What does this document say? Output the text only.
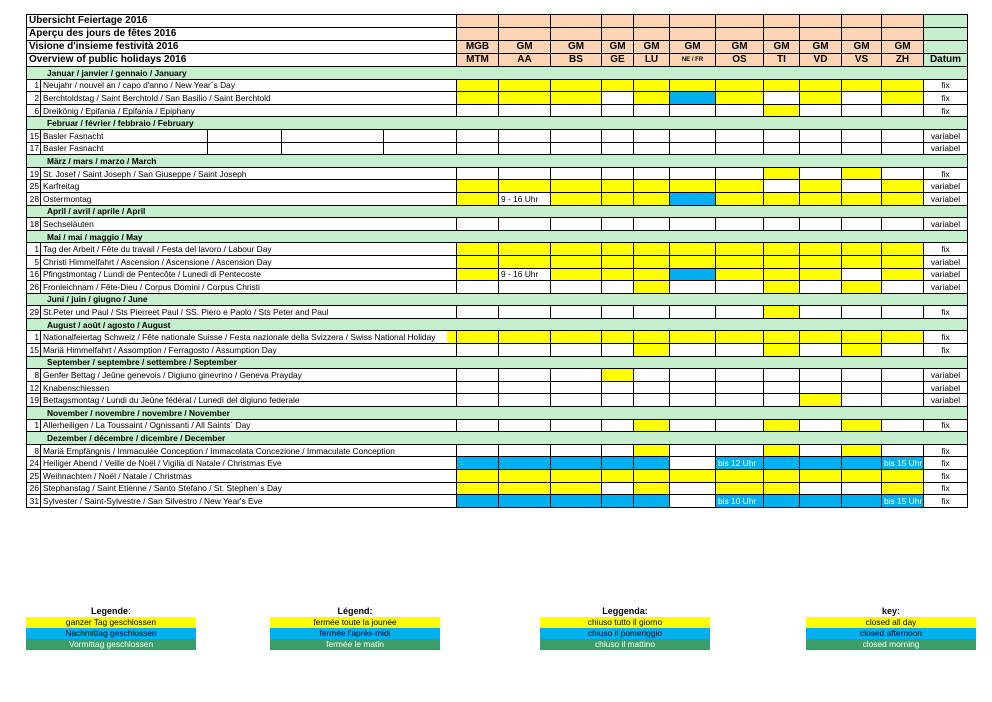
Übersicht Feiertage 2016													
Aperçu des jours de fêtes 2016													
Visione d'insieme festività 2016		MGB	GM	GM	GM	GM	GM	GM	GM	GM	GM	GM	
Overview of public holidays 2016		MTM	AA	BS	GE	LU	NE / FR	OS	TI	VD	VS	ZH	Datum
Januar / janvier / gennaio / January													
1	Neujahr / nouvel an / capo d'anno / New Year´s Day												fix
2	Berchtoldstag / Saint Berchtold / San Basilio / Saint Berchtold												fix
6	Dreikönig / Epifania / Epifania / Epiphany												fix
Februar / février / febbraio / February													
15	Basler Fasnacht												variabel
17	Basler Fasnacht												variabel
März / mars / marzo / March													
19	St. Josef / Saint Joseph / San Giuseppe / Saint Joseph												fix
25	Karfreitag												variabel
28	Ostermontag		9 - 16 Uhr										variabel
April / avril / aprile / April													
18	Sechseläuten												variabel
Mai / mai / maggio / May													
1	Tag der Arbeit / Fête du travail / Festa del lavoro / Labour Day												fix
5	Christi Himmelfahrt / Ascension / Ascensione / Ascension Day												variabel
16	Pfingstmontag / Lundi de Pentecôte / Lunedi di Pentecoste		9 - 16 Uhr										variabel
26	Fronleichnam / Fête-Dieu / Corpus Domini / Corpus Christi												variabel
Juni / juin / giugno / June													
29	St.Peter und Paul / Sts Pierreet Paul / SS. Piero e Paolo / Sts Peter and Paul												fix
August / août / agosto / August													
1	Nationalfeiertag Schweiz / Fête nationale Suisse / Festa nazionale della Svizzera / Swiss National Holiday												fix
15	Mariä Himmelfahrt / Assomption / Ferragosto / Assumption Day												fix
September / septembre / settembre / September													
8	Genfer Bettag / Jeûne genevois / Digiuno ginevrino / Geneva Prayday												variabel
12	Knabenschiessen												variabel
19	Bettagsmontag / Lundi du Jeûne fédéral / Lunedì del digiuno federale												variabel
November / novembre / novembre / November													
1	Allerheiligen / La Toussaint / Ognissanti / All Saints´ Day												fix
Dezember / décembre / dicembre / December													
8	Mariä Empfängnis / Immaculée Conception / Immacolata Concezione / Immaculate Conception												fix
24	Heiliger Abend / Veille de Noël / Vigilia di Natale / Christmas Eve							bis 12 Uhr				bis 15 Uhr	fix
25	Weihnachten / Noël / Natale / Christmas												fix
26	Stephanstag / Saint Etienne / Santo Stefano / St. Stephen´s Day												fix
31	Sylvester / Saint-Sylvestre / San Silvestro / New Year's Eve							bis 10 Uhr				bis 15 Uhr	fix
Legende:
ganzer Tag geschlossen
Nachmittag geschlossen
Vormittag geschlossen
Légend:
fermée toute la jounée
fermée l'après-midi
fermée le matin
Leggenda:
chiuso tutto il giorno
chiuso il pomeriggio
chiuso il mattino
key:
closed all day
closed afternoon
closed morning
